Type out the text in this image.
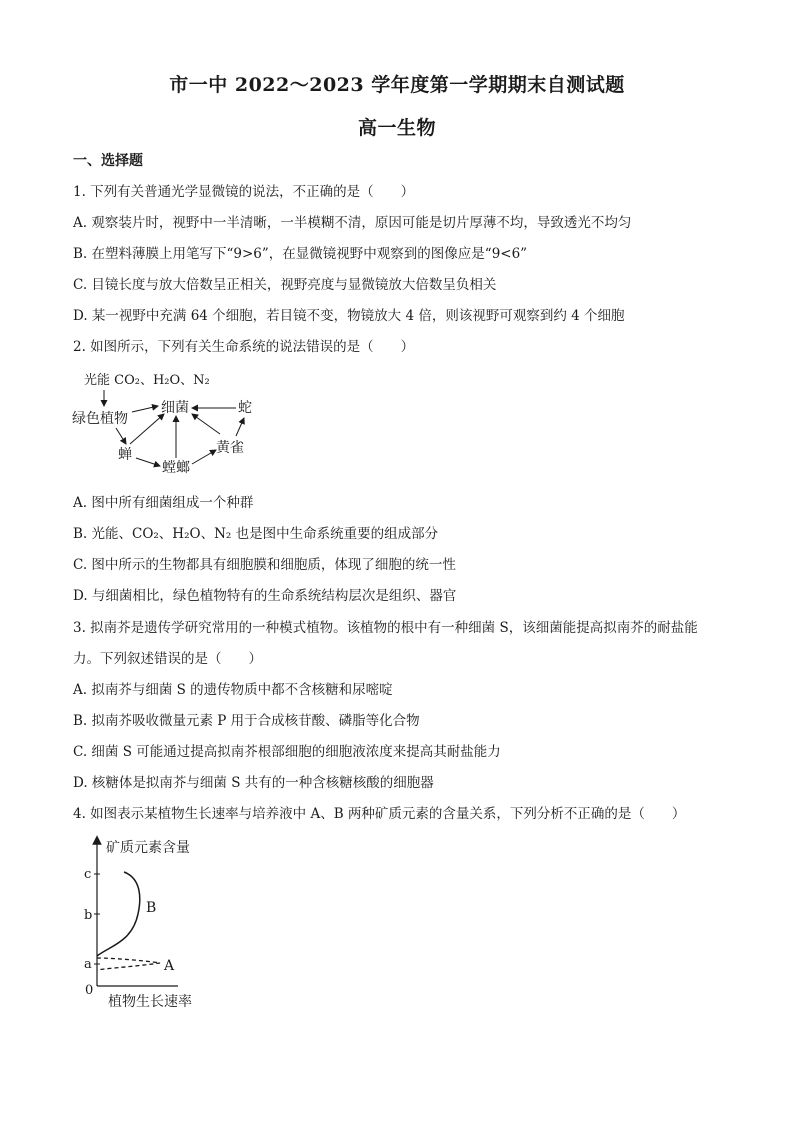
市一中 2022～2023 学年度第一学期期末自测试题
高一生物
一、选择题
1. 下列有关普通光学显微镜的说法，不正确的是（　　）
A. 观察装片时，视野中一半清晰，一半模糊不清，原因可能是切片厚薄不均，导致透光不均匀
B. 在塑料薄膜上用笔写下“9>6”，在显微镜视野中观察到的图像应是“9<6”
C. 目镜长度与放大倍数呈正相关，视野亮度与显微镜放大倍数呈负相关
D. 某一视野中充满 64 个细胞，若目镜不变，物镜放大 4 倍，则该视野可观察到约 4 个细胞
2. 如图所示，下列有关生命系统的说法错误的是（　　）
光能 CO₂、H₂O、N₂
绿色植物
细菌	蛇
蝉
螳螂
黄雀
A. 图中所有细菌组成一个种群
B. 光能、CO₂、H₂O、N₂ 也是图中生命系统重要的组成部分
C. 图中所示的生物都具有细胞膜和细胞质，体现了细胞的统一性
D. 与细菌相比，绿色植物特有的生命系统结构层次是组织、器官
3. 拟南芥是遗传学研究常用的一种模式植物。该植物的根中有一种细菌 S，该细菌能提高拟南芥的耐盐能
力。下列叙述错误的是（　　）
A. 拟南芥与细菌 S 的遗传物质中都不含核糖和尿嘧啶
B. 拟南芥吸收微量元素 P 用于合成核苷酸、磷脂等化合物
C. 细菌 S 可能通过提高拟南芥根部细胞的细胞液浓度来提高其耐盐能力
D. 核糖体是拟南芥与细菌 S 共有的一种含核糖核酸的细胞器
4. 如图表示某植物生长速率与培养液中 A、B 两种矿质元素的含量关系，下列分析不正确的是（　　）
矿质元素含量
植物生长速率
0
a
b
c
B
A
